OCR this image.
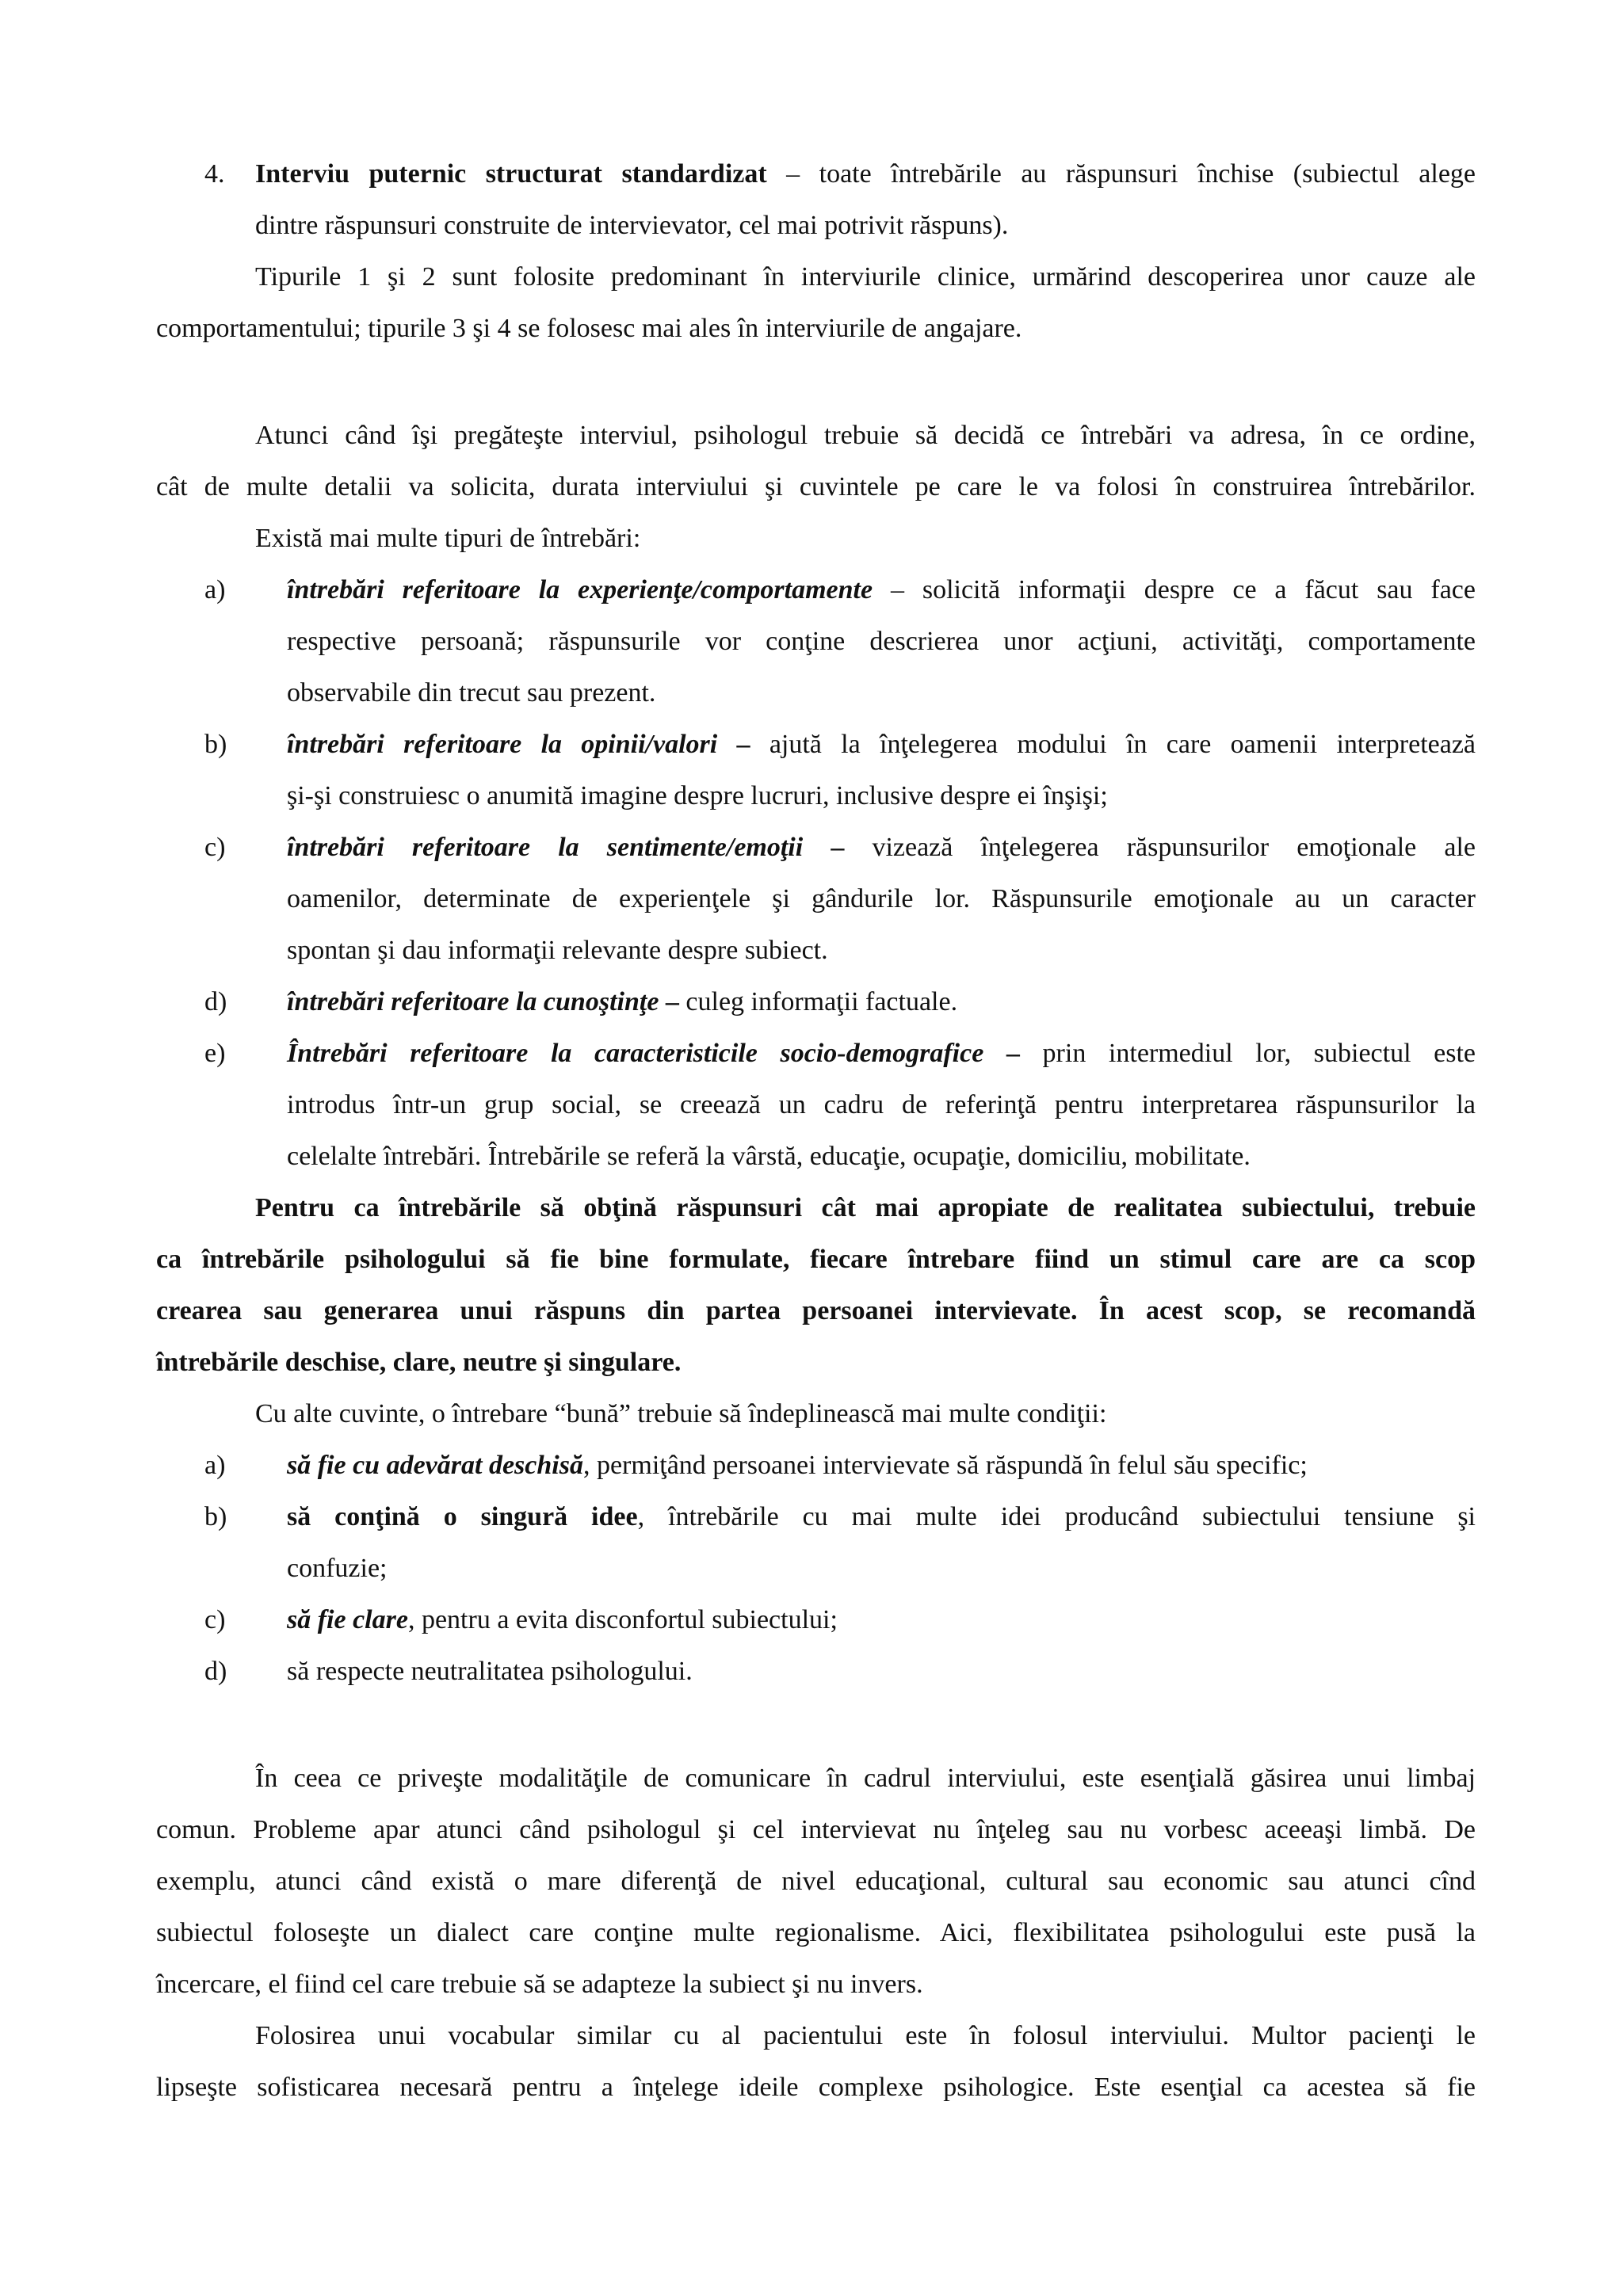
4. Interviu puternic structurat standardizat – toate întrebările au răspunsuri închise (subiectul alege
dintre răspunsuri construite de intervievator, cel mai potrivit răspuns).
Tipurile 1 şi 2 sunt folosite predominant în interviurile clinice, urmărind descoperirea unor cauze ale
comportamentului; tipurile 3 şi 4 se folosesc mai ales în interviurile de angajare.
Atunci când îşi pregăteşte interviul, psihologul trebuie să decidă ce întrebări va adresa, în ce ordine,
cât de multe detalii va solicita, durata interviului şi cuvintele pe care le va folosi în construirea întrebărilor.
Există mai multe tipuri de întrebări:
a) întrebări referitoare la experienţe/comportamente – solicită informaţii despre ce a făcut sau face
respective persoană; răspunsurile vor conţine descrierea unor acţiuni, activităţi, comportamente
observabile din trecut sau prezent.
b) întrebări referitoare la opinii/valori – ajută la înţelegerea modului în care oamenii interpretează
şi-şi construiesc o anumită imagine despre lucruri, inclusive despre ei înşişi;
c) întrebări referitoare la sentimente/emoţii – vizează înţelegerea răspunsurilor emoţionale ale
oamenilor, determinate de experienţele şi gândurile lor. Răspunsurile emoţionale au un caracter
spontan şi dau informaţii relevante despre subiect.
d) întrebări referitoare la cunoştinţe – culeg informaţii factuale.
e) Întrebări referitoare la caracteristicile socio-demografice – prin intermediul lor, subiectul este
introdus într-un grup social, se creează un cadru de referinţă pentru interpretarea răspunsurilor la
celelalte întrebări. Întrebările se referă la vârstă, educaţie, ocupaţie, domiciliu, mobilitate.
Pentru ca întrebările să obţină răspunsuri cât mai apropiate de realitatea subiectului, trebuie
ca întrebările psihologului să fie bine formulate, fiecare întrebare fiind un stimul care are ca scop
crearea sau generarea unui răspuns din partea persoanei intervievate. În acest scop, se recomandă
întrebările deschise, clare, neutre şi singulare.
Cu alte cuvinte, o întrebare “bună” trebuie să îndeplinească mai multe condiţii:
a) să fie cu adevărat deschisă, permiţând persoanei intervievate să răspundă în felul său specific;
b) să conţină o singură idee, întrebările cu mai multe idei producând subiectului tensiune şi
confuzie;
c) să fie clare, pentru a evita disconfortul subiectului;
d) să respecte neutralitatea psihologului.
În ceea ce priveşte modalităţile de comunicare în cadrul interviului, este esenţială găsirea unui limbaj
comun. Probleme apar atunci când psihologul şi cel intervievat nu înţeleg sau nu vorbesc aceeaşi limbă. De
exemplu, atunci când există o mare diferenţă de nivel educaţional, cultural sau economic sau atunci cînd
subiectul foloseşte un dialect care conţine multe regionalisme. Aici, flexibilitatea psihologului este pusă la
încercare, el fiind cel care trebuie să se adapteze la subiect şi nu invers.
Folosirea unui vocabular similar cu al pacientului este în folosul interviului. Multor pacienţi le
lipseşte sofisticarea necesară pentru a înţelege ideile complexe psihologice. Este esenţial ca acestea să fie
